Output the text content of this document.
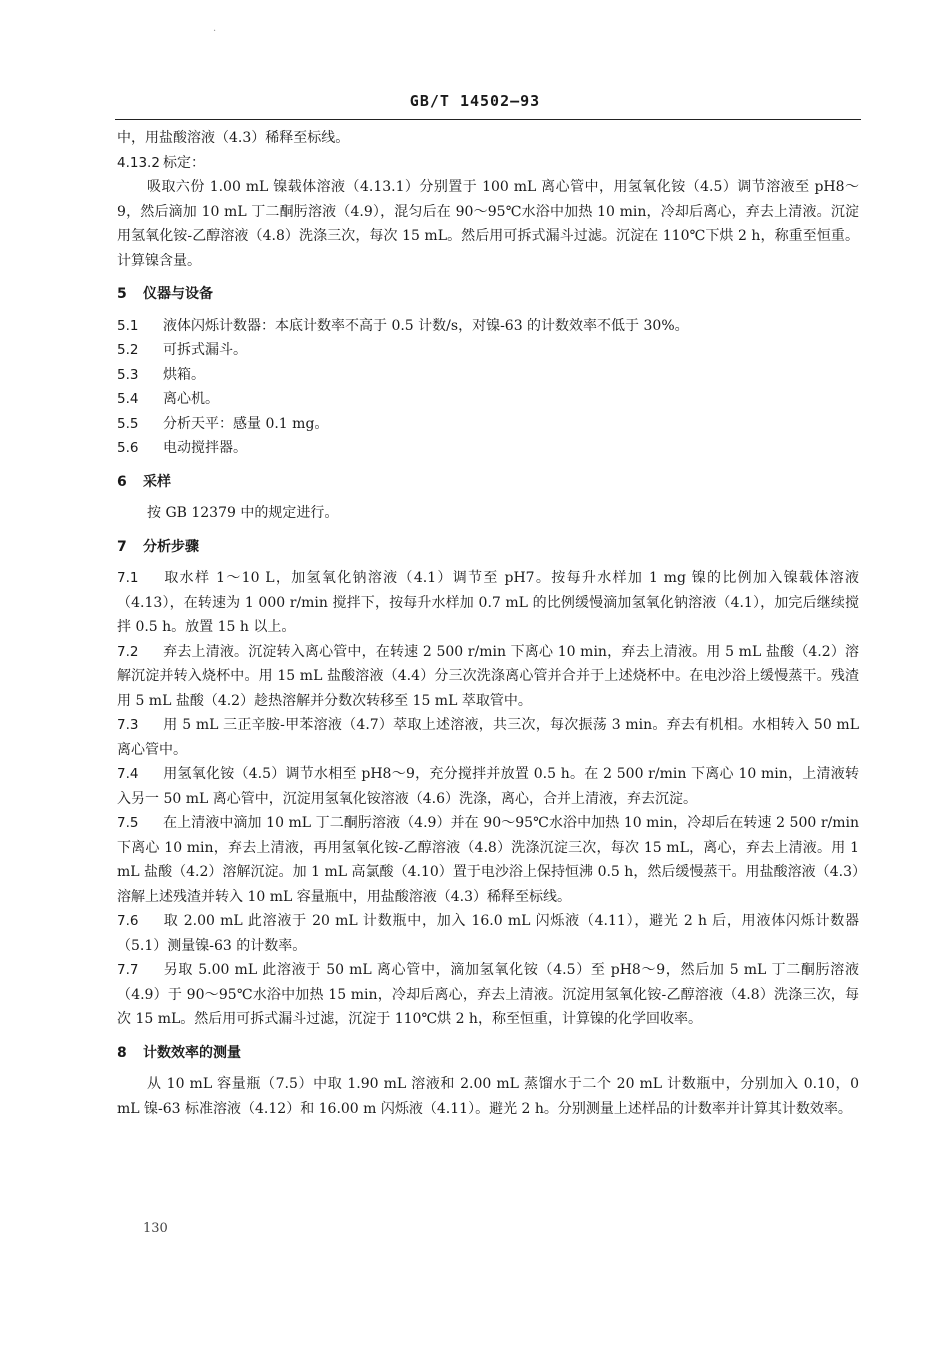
·
GB/T 14502—93

中，用盐酸溶液（4.3）稀释至标线。

4.13.2 标定：

吸取六份 1.00 mL 镍载体溶液（4.13.1）分别置于 100 mL 离心管中，用氢氧化铵（4.5）调节溶液至 pH8～9，然后滴加 10 mL 丁二酮肟溶液（4.9），混匀后在 90～95℃水浴中加热 10 min，冷却后离心，弃去上清液。沉淀用氢氧化铵-乙醇溶液（4.8）洗涤三次，每次 15 mL。然后用可拆式漏斗过滤。沉淀在 110℃下烘 2 h，称重至恒重。计算镍含量。

5 仪器与设备

5.1 液体闪烁计数器：本底计数率不高于 0.5 计数/s，对镍-63 的计数效率不低于 30%。

5.2 可拆式漏斗。

5.3 烘箱。

5.4 离心机。

5.5 分析天平：感量 0.1 mg。

5.6 电动搅拌器。

6 采样

按 GB 12379 中的规定进行。

7 分析步骤

7.1 取水样 1～10 L，加氢氧化钠溶液（4.1）调节至 pH7。按每升水样加 1 mg 镍的比例加入镍载体溶液（4.13），在转速为 1 000 r/min 搅拌下，按每升水样加 0.7 mL 的比例缓慢滴加氢氧化钠溶液（4.1），加完后继续搅拌 0.5 h。放置 15 h 以上。

7.2 弃去上清液。沉淀转入离心管中，在转速 2 500 r/min 下离心 10 min，弃去上清液。用 5 mL 盐酸（4.2）溶解沉淀并转入烧杯中。用 15 mL 盐酸溶液（4.4）分三次洗涤离心管并合并于上述烧杯中。在电沙浴上缓慢蒸干。残渣用 5 mL 盐酸（4.2）趁热溶解并分数次转移至 15 mL 萃取管中。

7.3 用 5 mL 三正辛胺-甲苯溶液（4.7）萃取上述溶液，共三次，每次振荡 3 min。弃去有机相。水相转入 50 mL 离心管中。

7.4 用氢氧化铵（4.5）调节水相至 pH8～9，充分搅拌并放置 0.5 h。在 2 500 r/min 下离心 10 min，上清液转入另一 50 mL 离心管中，沉淀用氢氧化铵溶液（4.6）洗涤，离心，合并上清液，弃去沉淀。

7.5 在上清液中滴加 10 mL 丁二酮肟溶液（4.9）并在 90～95℃水浴中加热 10 min，冷却后在转速 2 500 r/min 下离心 10 min，弃去上清液，再用氢氧化铵-乙醇溶液（4.8）洗涤沉淀三次，每次 15 mL，离心，弃去上清液。用 1 mL 盐酸（4.2）溶解沉淀。加 1 mL 高氯酸（4.10）置于电沙浴上保持恒沸 0.5 h，然后缓慢蒸干。用盐酸溶液（4.3）溶解上述残渣并转入 10 mL 容量瓶中，用盐酸溶液（4.3）稀释至标线。

7.6 取 2.00 mL 此溶液于 20 mL 计数瓶中，加入 16.0 mL 闪烁液（4.11），避光 2 h 后，用液体闪烁计数器（5.1）测量镍-63 的计数率。

7.7 另取 5.00 mL 此溶液于 50 mL 离心管中，滴加氢氧化铵（4.5）至 pH8～9，然后加 5 mL 丁二酮肟溶液（4.9）于 90～95℃水浴中加热 15 min，冷却后离心，弃去上清液。沉淀用氢氧化铵-乙醇溶液（4.8）洗涤三次，每次 15 mL。然后用可拆式漏斗过滤，沉淀于 110℃烘 2 h，称至恒重，计算镍的化学回收率。

8 计数效率的测量

从 10 mL 容量瓶（7.5）中取 1.90 mL 溶液和 2.00 mL 蒸馏水于二个 20 mL 计数瓶中，分别加入 0.10，0 mL 镍-63 标准溶液（4.12）和 16.00 m 闪烁液（4.11）。避光 2 h。分别测量上述样品的计数率并计算其计数效率。

130
